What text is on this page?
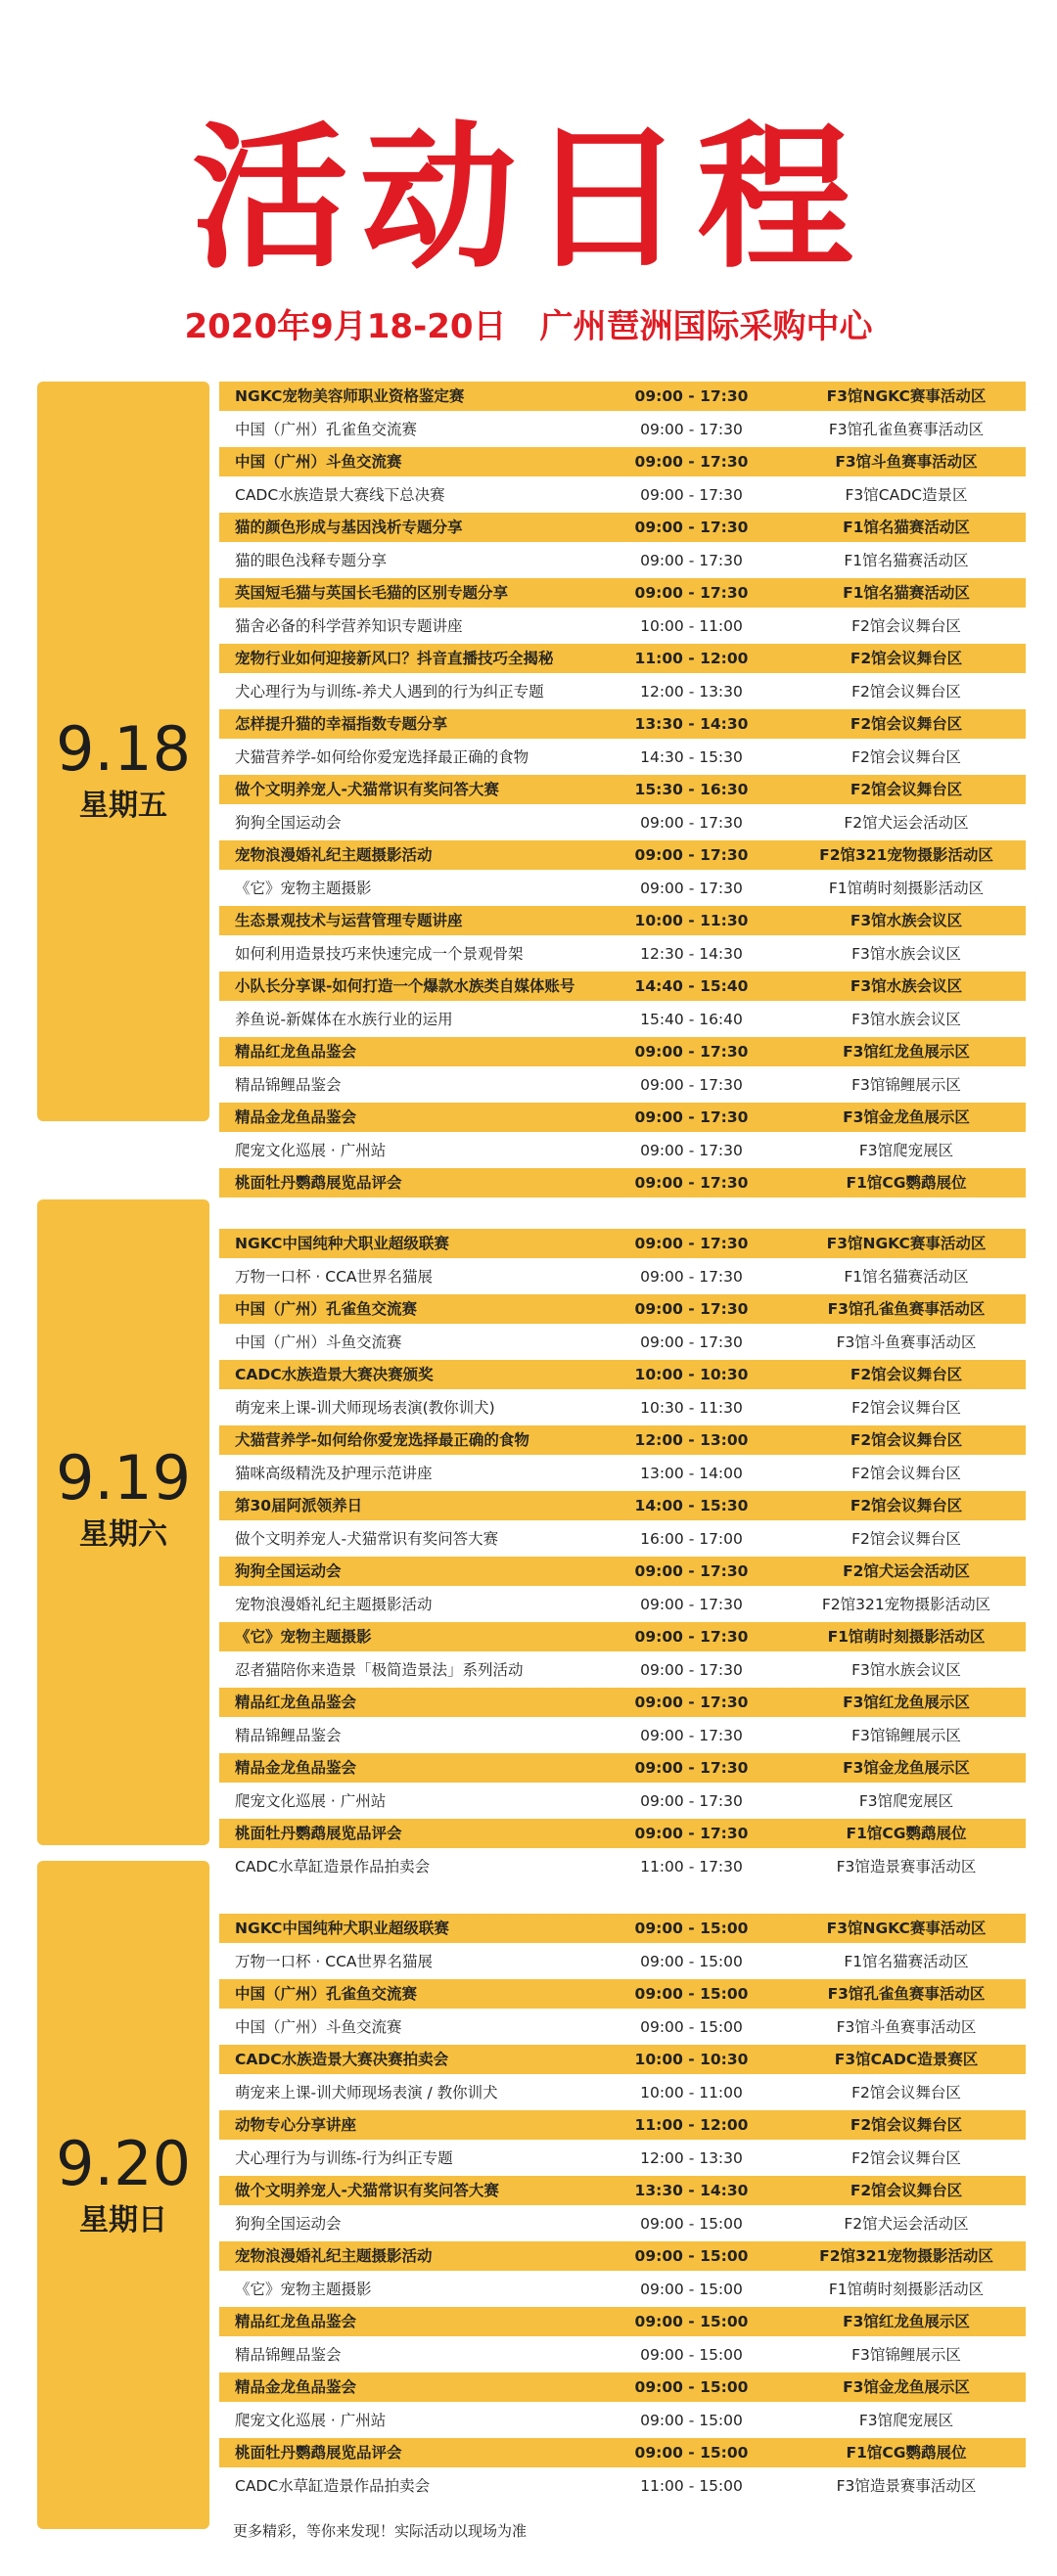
活动日程
2020年9月18-20日　广州琶洲国际采购中心
9.18
星期五
NGKC宠物美容师职业资格鉴定赛	09:00 - 17:30	F3馆NGKC赛事活动区
中国（广州）孔雀鱼交流赛	09:00 - 17:30	F3馆孔雀鱼赛事活动区
中国（广州）斗鱼交流赛	09:00 - 17:30	F3馆斗鱼赛事活动区
CADC水族造景大赛线下总决赛	09:00 - 17:30	F3馆CADC造景区
猫的颜色形成与基因浅析专题分享	09:00 - 17:30	F1馆名猫赛活动区
猫的眼色浅释专题分享	09:00 - 17:30	F1馆名猫赛活动区
英国短毛猫与英国长毛猫的区别专题分享	09:00 - 17:30	F1馆名猫赛活动区
猫舍必备的科学营养知识专题讲座	10:00 - 11:00	F2馆会议舞台区
宠物行业如何迎接新风口？抖音直播技巧全揭秘	11:00 - 12:00	F2馆会议舞台区
犬心理行为与训练-养犬人遇到的行为纠正专题	12:00 - 13:30	F2馆会议舞台区
怎样提升猫的幸福指数专题分享	13:30 - 14:30	F2馆会议舞台区
犬猫营养学-如何给你爱宠选择最正确的食物	14:30 - 15:30	F2馆会议舞台区
做个文明养宠人-犬猫常识有奖问答大赛	15:30 - 16:30	F2馆会议舞台区
狗狗全国运动会	09:00 - 17:30	F2馆犬运会活动区
宠物浪漫婚礼纪主题摄影活动	09:00 - 17:30	F2馆321宠物摄影活动区
《它》宠物主题摄影	09:00 - 17:30	F1馆萌时刻摄影活动区
生态景观技术与运营管理专题讲座	10:00 - 11:30	F3馆水族会议区
如何利用造景技巧来快速完成一个景观骨架	12:30 - 14:30	F3馆水族会议区
小队长分享课-如何打造一个爆款水族类自媒体账号	14:40 - 15:40	F3馆水族会议区
养鱼说-新媒体在水族行业的运用	15:40 - 16:40	F3馆水族会议区
精品红龙鱼品鉴会	09:00 - 17:30	F3馆红龙鱼展示区
精品锦鲤品鉴会	09:00 - 17:30	F3馆锦鲤展示区
精品金龙鱼品鉴会	09:00 - 17:30	F3馆金龙鱼展示区
爬宠文化巡展 · 广州站	09:00 - 17:30	F3馆爬宠展区
桃面牡丹鹦鹉展览品评会	09:00 - 17:30	F1馆CG鹦鹉展位
9.19
星期六
NGKC中国纯种犬职业超级联赛	09:00 - 17:30	F3馆NGKC赛事活动区
万物一口杯 · CCA世界名猫展	09:00 - 17:30	F1馆名猫赛活动区
中国（广州）孔雀鱼交流赛	09:00 - 17:30	F3馆孔雀鱼赛事活动区
中国（广州）斗鱼交流赛	09:00 - 17:30	F3馆斗鱼赛事活动区
CADC水族造景大赛决赛颁奖	10:00 - 10:30	F2馆会议舞台区
萌宠来上课-训犬师现场表演(教你训犬)	10:30 - 11:30	F2馆会议舞台区
犬猫营养学-如何给你爱宠选择最正确的食物	12:00 - 13:00	F2馆会议舞台区
猫咪高级精洗及护理示范讲座	13:00 - 14:00	F2馆会议舞台区
第30届阿派领养日	14:00 - 15:30	F2馆会议舞台区
做个文明养宠人-犬猫常识有奖问答大赛	16:00 - 17:00	F2馆会议舞台区
狗狗全国运动会	09:00 - 17:30	F2馆犬运会活动区
宠物浪漫婚礼纪主题摄影活动	09:00 - 17:30	F2馆321宠物摄影活动区
《它》宠物主题摄影	09:00 - 17:30	F1馆萌时刻摄影活动区
忍者猫陪你来造景「极简造景法」系列活动	09:00 - 17:30	F3馆水族会议区
精品红龙鱼品鉴会	09:00 - 17:30	F3馆红龙鱼展示区
精品锦鲤品鉴会	09:00 - 17:30	F3馆锦鲤展示区
精品金龙鱼品鉴会	09:00 - 17:30	F3馆金龙鱼展示区
爬宠文化巡展 · 广州站	09:00 - 17:30	F3馆爬宠展区
桃面牡丹鹦鹉展览品评会	09:00 - 17:30	F1馆CG鹦鹉展位
CADC水草缸造景作品拍卖会	11:00 - 17:30	F3馆造景赛事活动区
9.20
星期日
NGKC中国纯种犬职业超级联赛	09:00 - 15:00	F3馆NGKC赛事活动区
万物一口杯 · CCA世界名猫展	09:00 - 15:00	F1馆名猫赛活动区
中国（广州）孔雀鱼交流赛	09:00 - 15:00	F3馆孔雀鱼赛事活动区
中国（广州）斗鱼交流赛	09:00 - 15:00	F3馆斗鱼赛事活动区
CADC水族造景大赛决赛拍卖会	10:00 - 10:30	F3馆CADC造景赛区
萌宠来上课-训犬师现场表演 / 教你训犬	10:00 - 11:00	F2馆会议舞台区
动物专心分享讲座	11:00 - 12:00	F2馆会议舞台区
犬心理行为与训练-行为纠正专题	12:00 - 13:30	F2馆会议舞台区
做个文明养宠人-犬猫常识有奖问答大赛	13:30 - 14:30	F2馆会议舞台区
狗狗全国运动会	09:00 - 15:00	F2馆犬运会活动区
宠物浪漫婚礼纪主题摄影活动	09:00 - 15:00	F2馆321宠物摄影活动区
《它》宠物主题摄影	09:00 - 15:00	F1馆萌时刻摄影活动区
精品红龙鱼品鉴会	09:00 - 15:00	F3馆红龙鱼展示区
精品锦鲤品鉴会	09:00 - 15:00	F3馆锦鲤展示区
精品金龙鱼品鉴会	09:00 - 15:00	F3馆金龙鱼展示区
爬宠文化巡展 · 广州站	09:00 - 15:00	F3馆爬宠展区
桃面牡丹鹦鹉展览品评会	09:00 - 15:00	F1馆CG鹦鹉展位
CADC水草缸造景作品拍卖会	11:00 - 15:00	F3馆造景赛事活动区
更多精彩，等你来发现！实际活动以现场为准
